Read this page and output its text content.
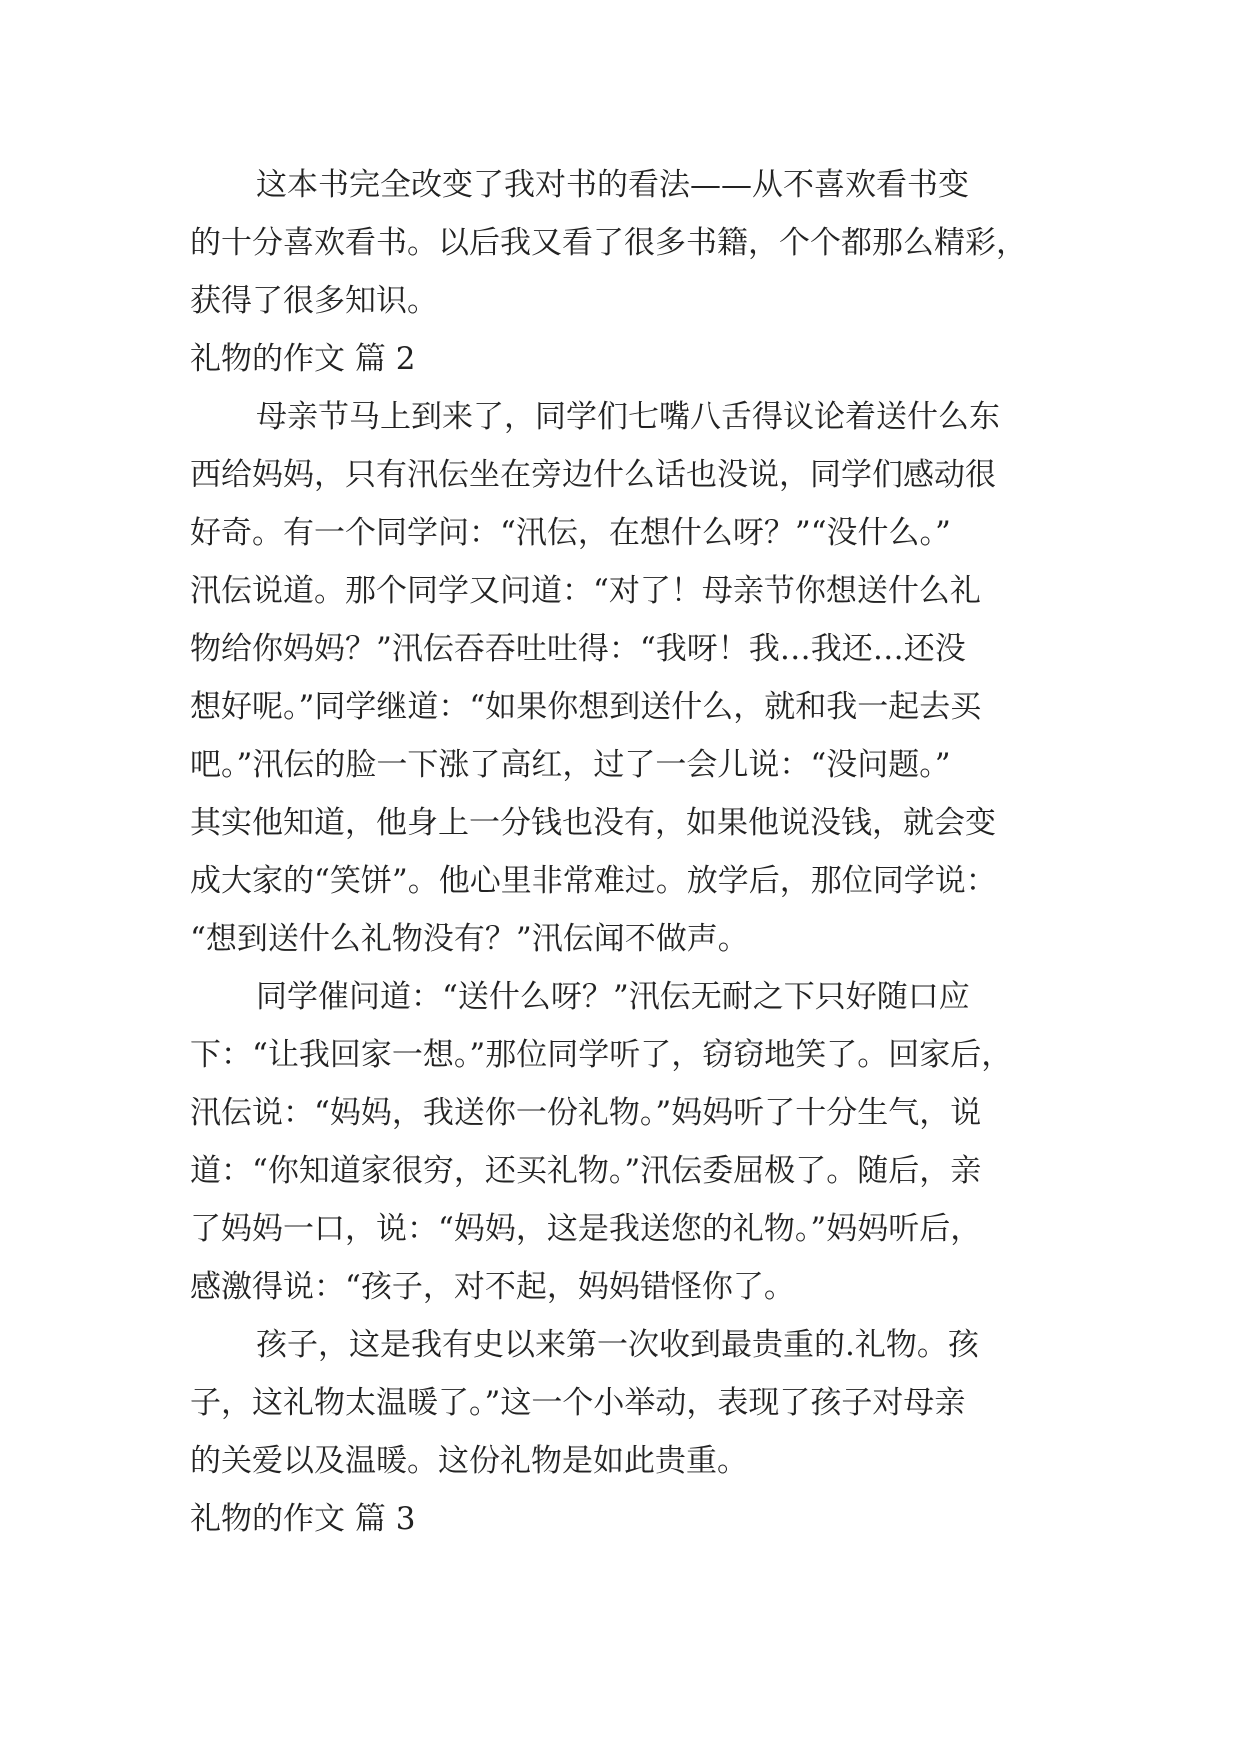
这本书完全改变了我对书的看法——从不喜欢看书变
的十分喜欢看书。以后我又看了很多书籍，个个都那么精彩，
获得了很多知识。
礼物的作文 篇 2
母亲节马上到来了，同学们七嘴八舌得议论着送什么东
西给妈妈，只有汛伝坐在旁边什么话也没说，同学们感动很
好奇。有一个同学问：“汛伝，在想什么呀？”“没什么。”
汛伝说道。那个同学又问道：“对了！母亲节你想送什么礼
物给你妈妈？”汛伝吞吞吐吐得：“我呀！我…我还…还没
想好呢。”同学继道：“如果你想到送什么，就和我一起去买
吧。”汛伝的脸一下涨了高红，过了一会儿说：“没问题。”
其实他知道，他身上一分钱也没有，如果他说没钱，就会变
成大家的“笑饼”。他心里非常难过。放学后，那位同学说：
“想到送什么礼物没有？”汛伝闻不做声。
同学催问道：“送什么呀？”汛伝无耐之下只好随口应
下：“让我回家一想。”那位同学听了，窃窃地笑了。回家后，
汛伝说：“妈妈，我送你一份礼物。”妈妈听了十分生气，说
道：“你知道家很穷，还买礼物。”汛伝委屈极了。随后，亲
了妈妈一口，说：“妈妈，这是我送您的礼物。”妈妈听后，
感激得说：“孩子，对不起，妈妈错怪你了。
孩子，这是我有史以来第一次收到最贵重的.礼物。孩
子，这礼物太温暖了。”这一个小举动，表现了孩子对母亲
的关爱以及温暖。这份礼物是如此贵重。
礼物的作文 篇 3
